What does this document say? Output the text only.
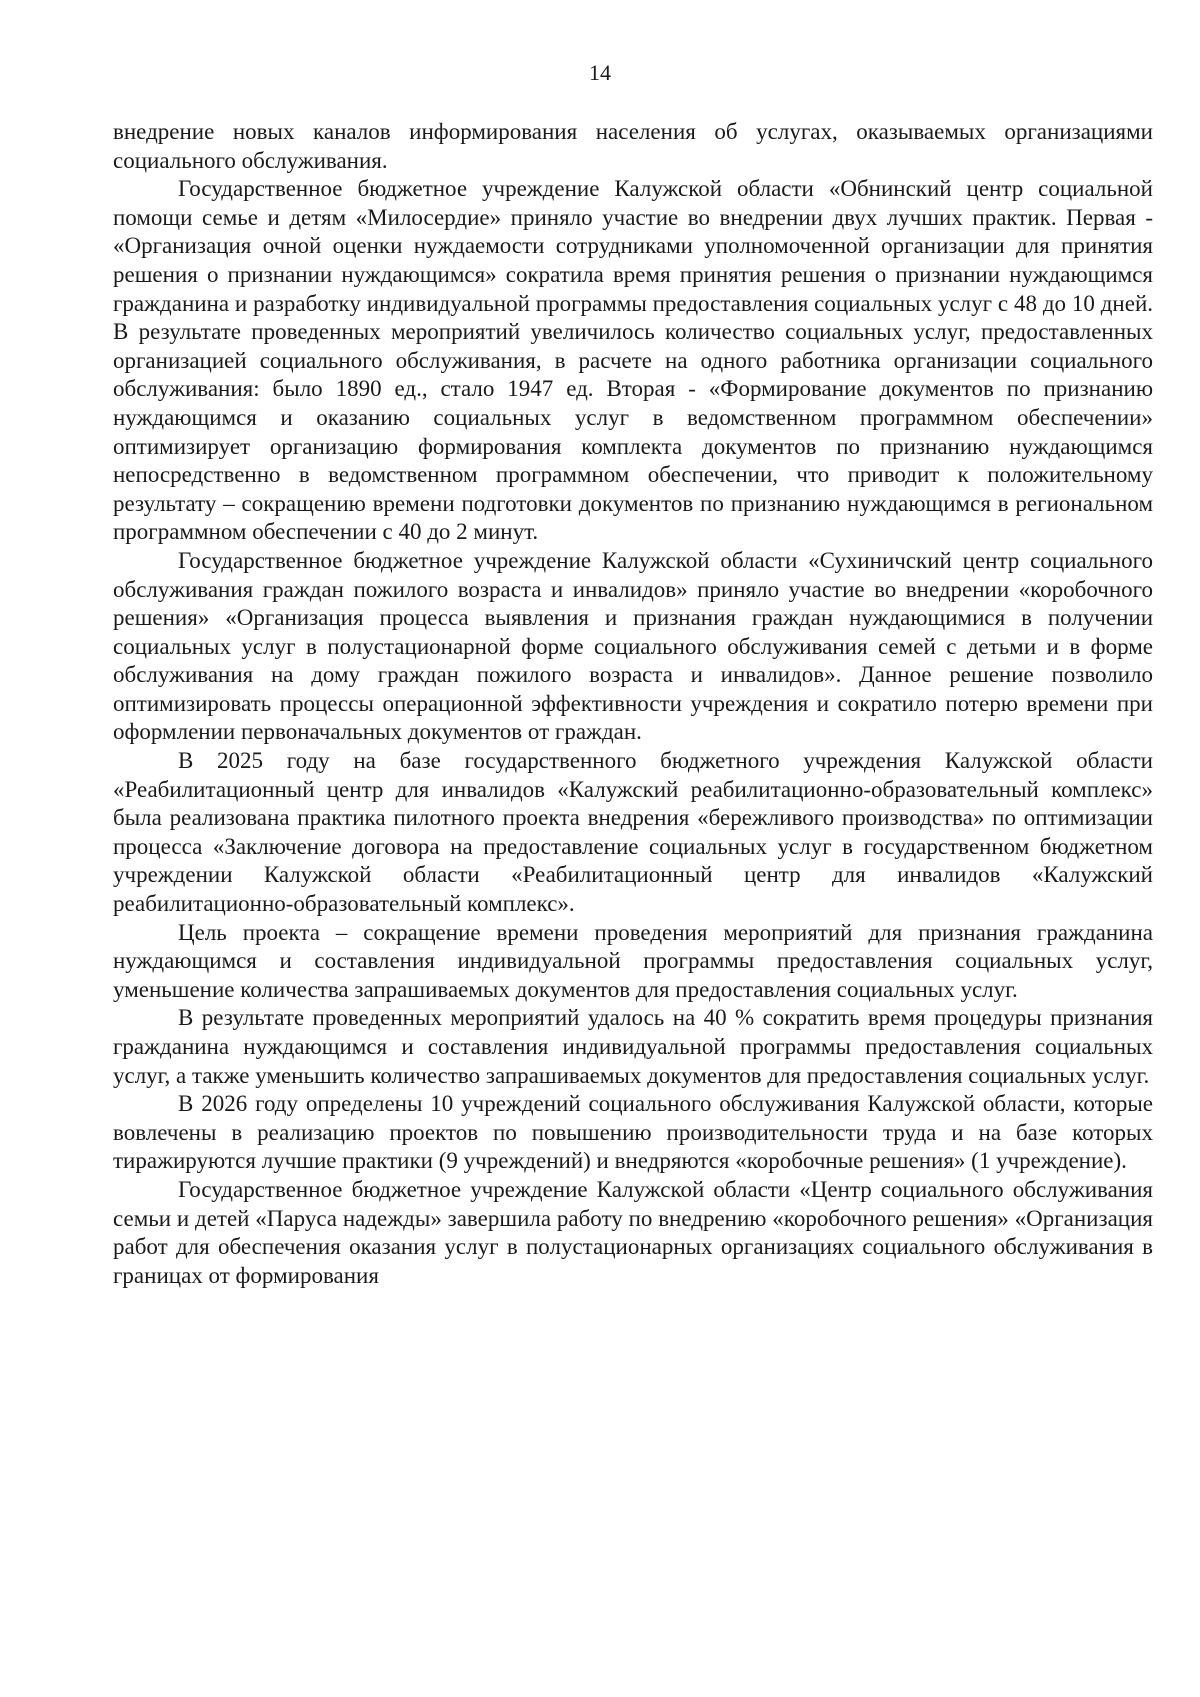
14

внедрение новых каналов информирования населения об услугах, оказываемых организациями социального обслуживания.

Государственное бюджетное учреждение Калужской области «Обнинский центр социальной помощи семье и детям «Милосердие» приняло участие во внедрении двух лучших практик. Первая - «Организация очной оценки нуждаемости сотрудниками уполномоченной организации для принятия решения о признании нуждающимся» сократила время принятия решения о признании нуждающимся гражданина и разработку индивидуальной программы предоставления социальных услуг с 48 до 10 дней. В результате проведенных мероприятий увеличилось количество социальных услуг, предоставленных организацией социального обслуживания, в расчете на одного работника организации социального обслуживания: было 1890 ед., стало 1947 ед. Вторая - «Формирование документов по признанию нуждающимся и оказанию социальных услуг в ведомственном программном обеспечении» оптимизирует организацию формирования комплекта документов по признанию нуждающимся непосредственно в ведомственном программном обеспечении, что приводит к положительному результату – сокращению времени подготовки документов по признанию нуждающимся в региональном программном обеспечении с 40 до 2 минут.

Государственное бюджетное учреждение Калужской области «Сухиничский центр социального обслуживания граждан пожилого возраста и инвалидов» приняло участие во внедрении «коробочного решения» «Организация процесса выявления и признания граждан нуждающимися в получении социальных услуг в полустационарной форме социального обслуживания семей с детьми и в форме обслуживания на дому граждан пожилого возраста и инвалидов». Данное решение позволило оптимизировать процессы операционной эффективности учреждения и сократило потерю времени при оформлении первоначальных документов от граждан.

В 2025 году на базе государственного бюджетного учреждения Калужской области «Реабилитационный центр для инвалидов «Калужский реабилитационно-образовательный комплекс» была реализована практика пилотного проекта внедрения «бережливого производства» по оптимизации процесса «Заключение договора на предоставление социальных услуг в государственном бюджетном учреждении Калужской области «Реабилитационный центр для инвалидов «Калужский реабилитационно-образовательный комплекс».

Цель проекта – сокращение времени проведения мероприятий для признания гражданина нуждающимся и составления индивидуальной программы предоставления социальных услуг, уменьшение количества запрашиваемых документов для предоставления социальных услуг.

В результате проведенных мероприятий удалось на 40 % сократить время процедуры признания гражданина нуждающимся и составления индивидуальной программы предоставления социальных услуг, а также уменьшить количество запрашиваемых документов для предоставления социальных услуг.

В 2026 году определены 10 учреждений социального обслуживания Калужской области, которые вовлечены в реализацию проектов по повышению производительности труда и на базе которых тиражируются лучшие практики (9 учреждений) и внедряются «коробочные решения» (1 учреждение).

Государственное бюджетное учреждение Калужской области «Центр социального обслуживания семьи и детей «Паруса надежды» завершила работу по внедрению «коробочного решения» «Организация работ для обеспечения оказания услуг в полустационарных организациях социального обслуживания в границах от формирования
